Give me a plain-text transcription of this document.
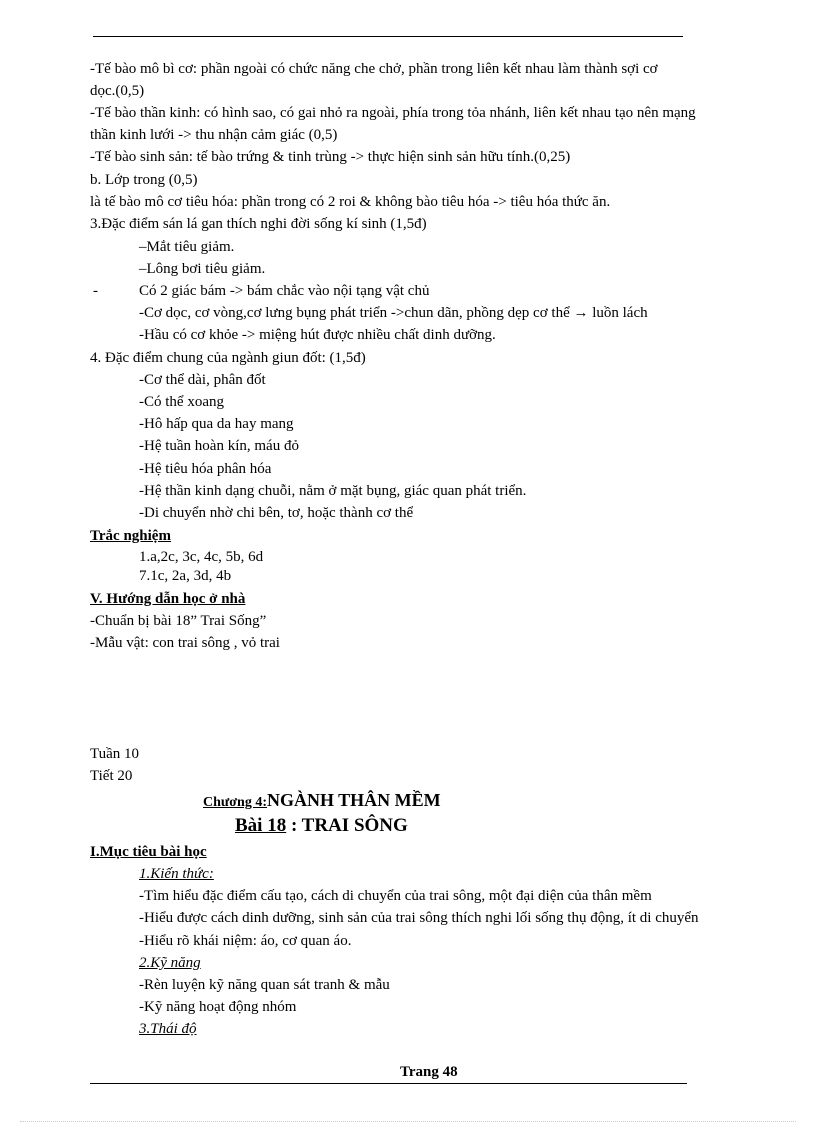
-Tế bào mô bì cơ: phần ngoài có chức năng che chở, phần trong liên kết nhau làm thành sợi cơ
dọc.(0,5)
-Tế bào thần kinh: có hình sao, có gai nhỏ ra ngoài, phía trong tỏa nhánh, liên kết nhau tạo nên mạng
thần kinh lưới -> thu nhận cảm giác (0,5)
-Tế bào sinh sản: tế bào trứng & tinh trùng -> thực hiện sinh sản hữu tính.(0,25)
b. Lớp trong (0,5)
là tế bào mô cơ tiêu hóa: phần trong có 2 roi & không bào tiêu hóa -> tiêu hóa thức ăn.
3.Đặc điểm sán lá gan thích nghi đời sống kí sinh (1,5đ)
–Mắt tiêu giảm.
–Lông bơi tiêu giảm.
-	Có 2 giác bám -> bám chắc vào nội tạng vật chủ
-Cơ dọc, cơ vòng,cơ lưng bụng phát triển ->chun dãn, phồng dẹp cơ thể → luồn lách
-Hầu có cơ khỏe -> miệng hút được nhiều chất dinh dưỡng.
4. Đặc điểm chung của ngành giun đốt: (1,5đ)
-Cơ thể dài, phân đốt
-Có thể xoang
-Hô hấp qua da hay mang
-Hệ tuần hoàn kín, máu đỏ
-Hệ tiêu hóa phân hóa
-Hệ thần kinh dạng chuỗi, nằm ở mặt bụng, giác quan phát triển.
-Di chuyển nhờ chi bên, tơ, hoặc thành cơ thể
Trắc nghiệm
1.a,2c, 3c, 4c, 5b, 6d
7.1c, 2a, 3d, 4b
V. Hướng dẫn học ở nhà
-Chuẩn bị bài 18” Trai Sống”
-Mẫu vật: con trai sông , vỏ trai
Tuần 10
Tiết 20
Chương 4:NGÀNH THÂN MỀM
Bài 18 : TRAI SÔNG
I.Mục tiêu bài học
1.Kiến thức:
-Tìm hiểu đặc điểm cấu tạo, cách di chuyển của trai sông, một đại diện của thân mềm
-Hiểu được cách dinh dưỡng, sinh sản của trai sông thích nghi lối sống thụ động, ít di chuyển
-Hiểu rõ khái niệm: áo, cơ quan áo.
2.Kỹ năng
-Rèn luyện kỹ năng quan sát tranh & mẫu
-Kỹ năng hoạt động nhóm
3.Thái độ
Trang 48
